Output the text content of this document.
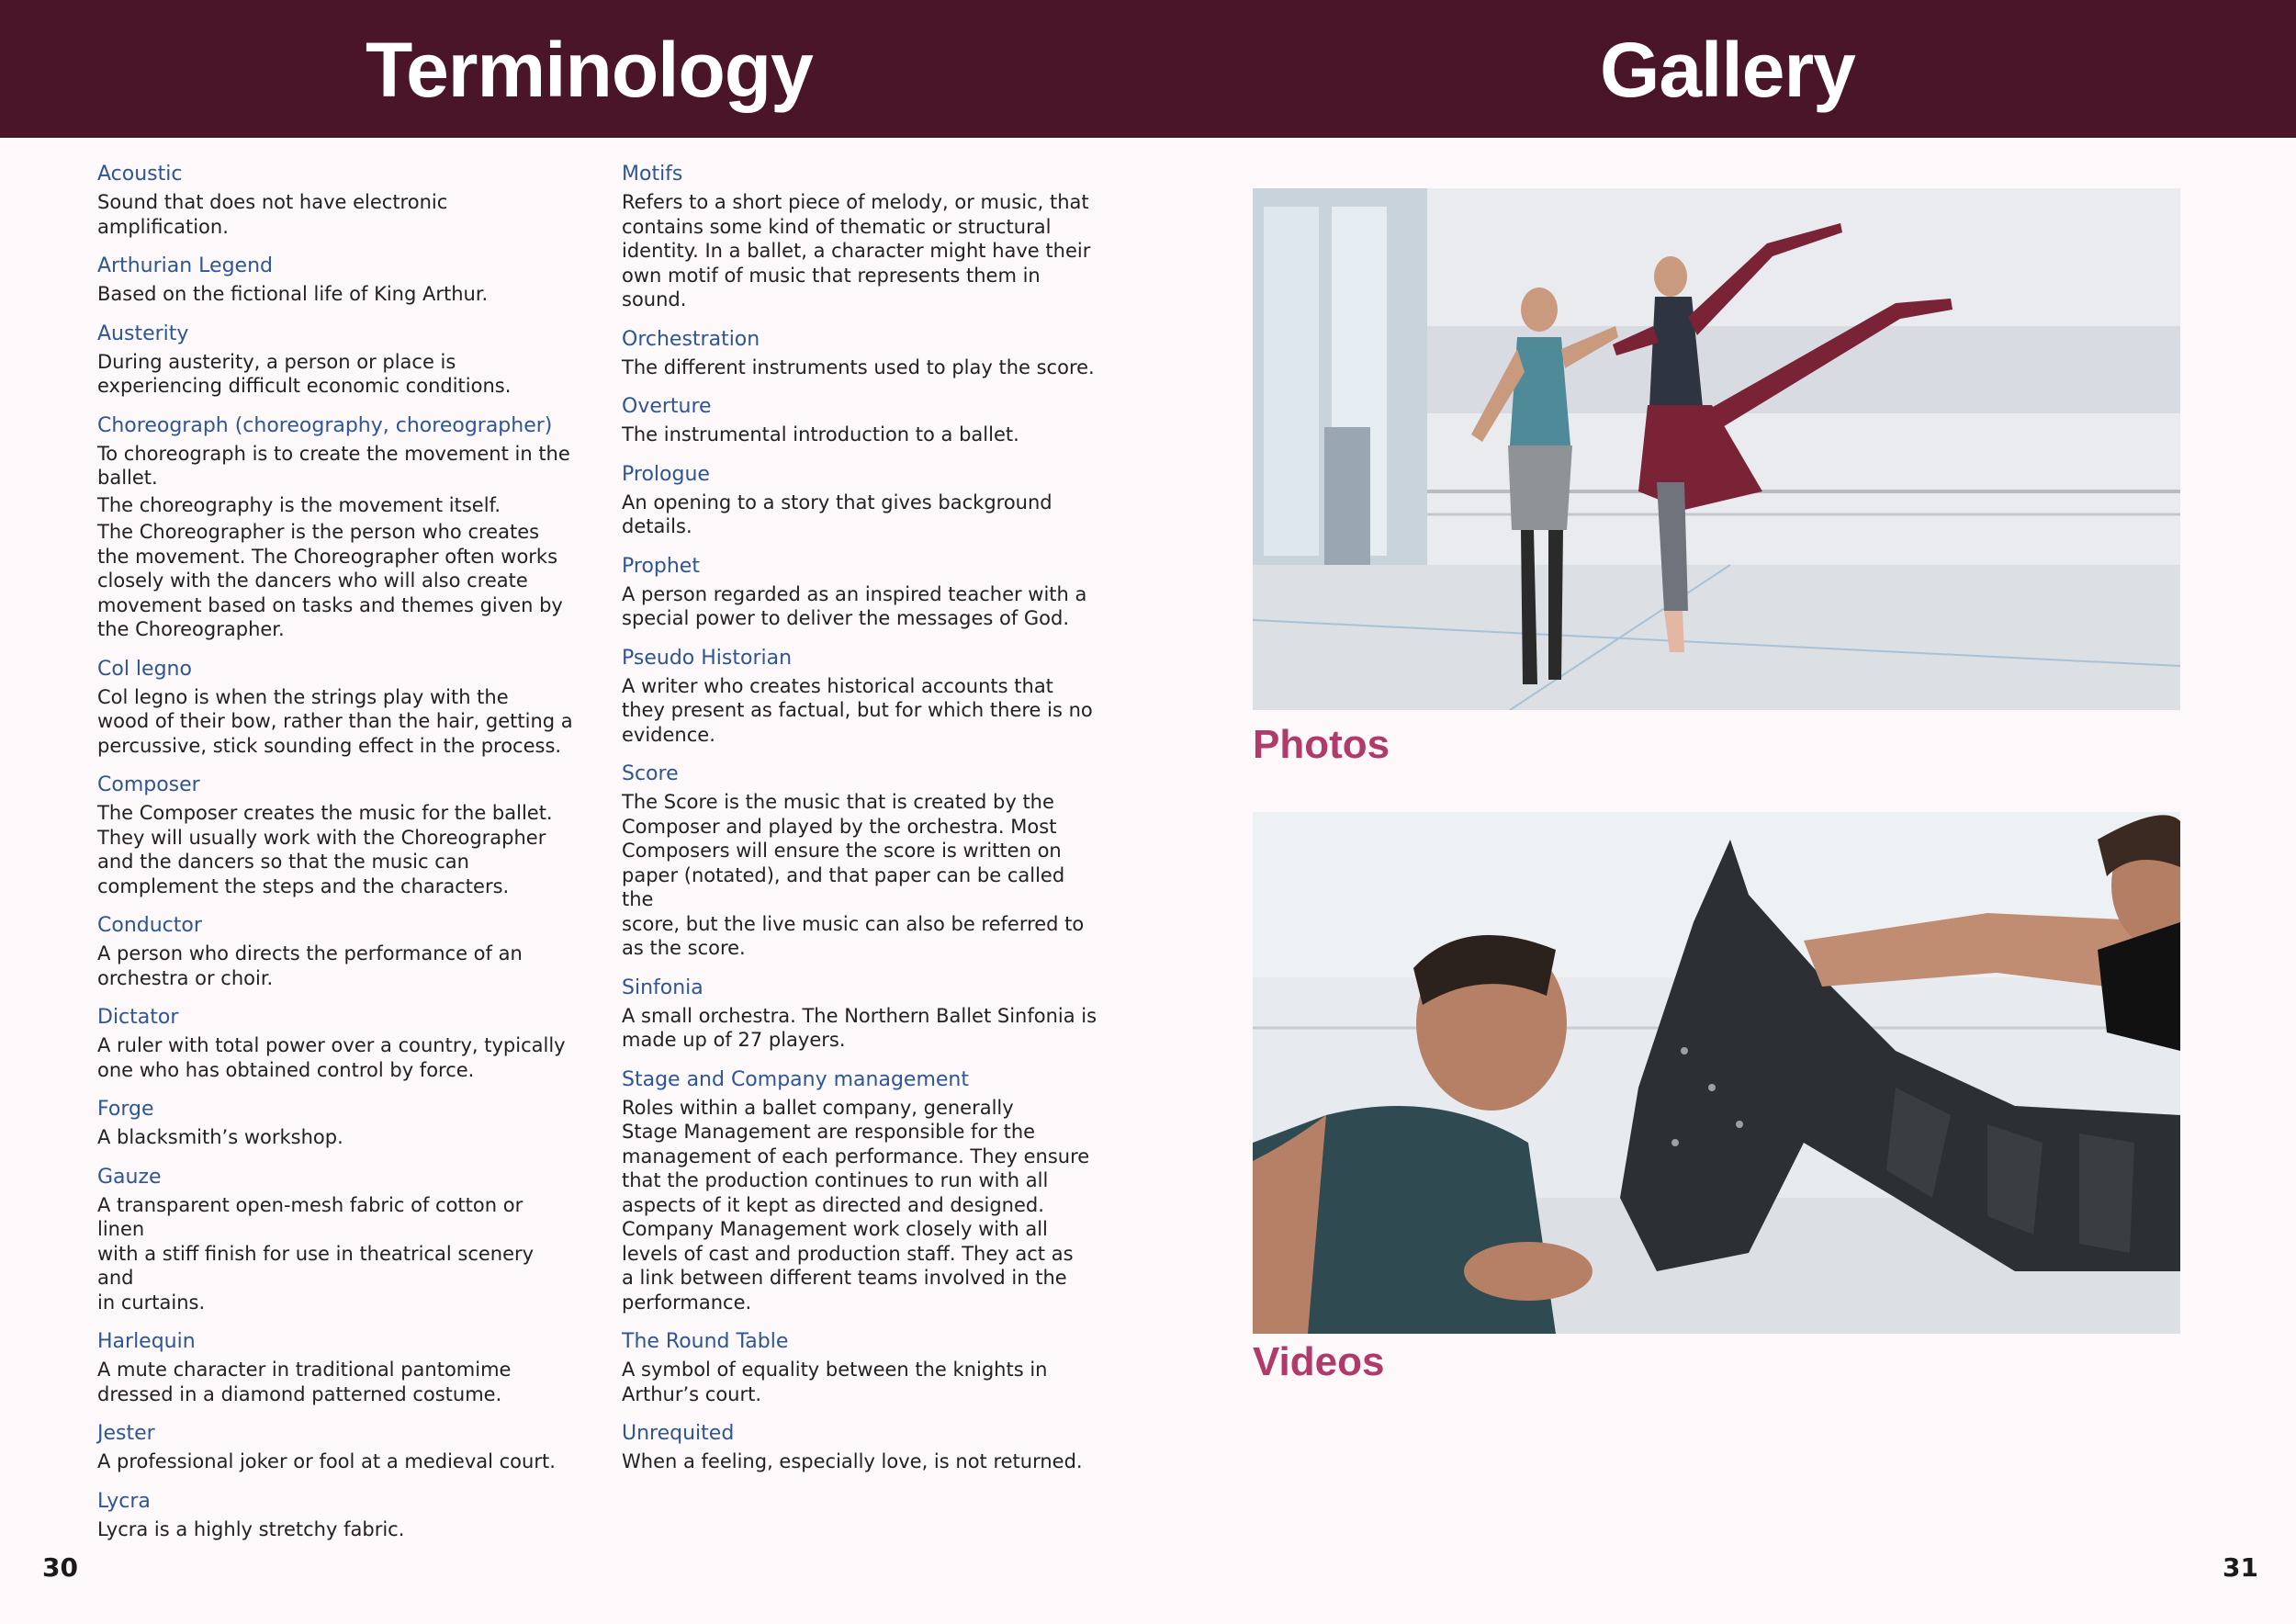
Terminology	Gallery
Acoustic
Sound that does not have electronic
amplification.
Arthurian Legend
Based on the fictional life of King Arthur.
Austerity
During austerity, a person or place is
experiencing difficult economic conditions.
Choreograph (choreography, choreographer)
To choreograph is to create the movement in the
ballet.
The choreography is the movement itself.
The Choreographer is the person who creates
the movement. The Choreographer often works
closely with the dancers who will also create
movement based on tasks and themes given by
the Choreographer.
Col legno
Col legno is when the strings play with the
wood of their bow, rather than the hair, getting a
percussive, stick sounding effect in the process.
Composer
The Composer creates the music for the ballet.
They will usually work with the Choreographer
and the dancers so that the music can
complement the steps and the characters.
Conductor
A person who directs the performance of an
orchestra or choir.
Dictator
A ruler with total power over a country, typically
one who has obtained control by force.
Forge
A blacksmith’s workshop.
Gauze
A transparent open-mesh fabric of cotton or linen
with a stiff finish for use in theatrical scenery and
in curtains.
Harlequin
A mute character in traditional pantomime
dressed in a diamond patterned costume.
Jester
A professional joker or fool at a medieval court.
Lycra
Lycra is a highly stretchy fabric.
Motifs
Refers to a short piece of melody, or music, that
contains some kind of thematic or structural
identity. In a ballet, a character might have their
own motif of music that represents them in
sound.
Orchestration
The different instruments used to play the score.
Overture
The instrumental introduction to a ballet.
Prologue
An opening to a story that gives background
details.
Prophet
A person regarded as an inspired teacher with a
special power to deliver the messages of God.
Pseudo Historian
A writer who creates historical accounts that
they present as factual, but for which there is no
evidence.
Score
The Score is the music that is created by the
Composer and played by the orchestra. Most
Composers will ensure the score is written on
paper (notated), and that paper can be called the
score, but the live music can also be referred to
as the score.
Sinfonia
A small orchestra. The Northern Ballet Sinfonia is
made up of 27 players.
Stage and Company management
Roles within a ballet company, generally
Stage Management are responsible for the
management of each performance. They ensure
that the production continues to run with all
aspects of it kept as directed and designed.
Company Management work closely with all
levels of cast and production staff. They act as
a link between different teams involved in the
performance.
The Round Table
A symbol of equality between the knights in
Arthur’s court.
Unrequited
When a feeling, especially love, is not returned.
Photos
Videos
30	31
